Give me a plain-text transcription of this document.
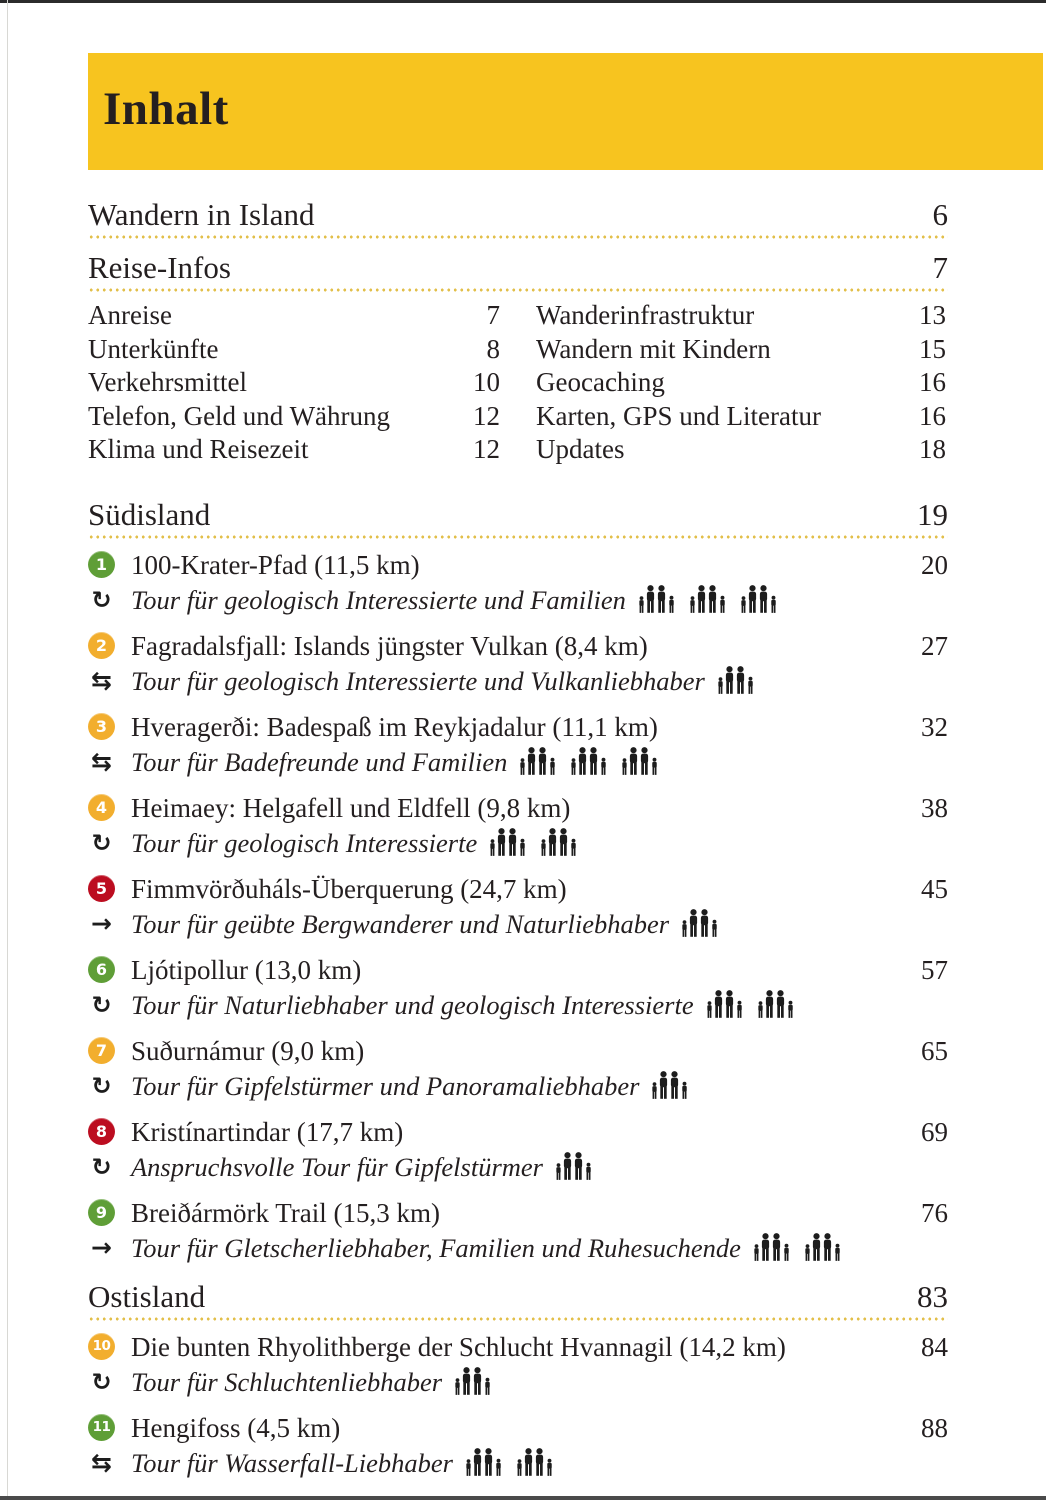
Inhalt
Wandern in Island	6
Reise-Infos	7
Anreise	7
Unterkünfte	8
Verkehrsmittel	10
Telefon, Geld und Währung	12
Klima und Reisezeit	12
Wanderinfrastruktur	13
Wandern mit Kindern	15
Geocaching	16
Karten, GPS und Literatur	16
Updates	18
Südisland	19
1 100-Krater-Pfad (11,5 km)	20
↻ Tour für geologisch Interessierte und Familien
2 Fagradalsfjall: Islands jüngster Vulkan (8,4 km)	27
⇆ Tour für geologisch Interessierte und Vulkanliebhaber
3 Hveragerði: Badespaß im Reykjadalur (11,1 km)	32
⇆ Tour für Badefreunde und Familien
4 Heimaey: Helgafell und Eldfell (9,8 km)	38
↻ Tour für geologisch Interessierte
5 Fimmvörðuháls-Überquerung (24,7 km)	45
→ Tour für geübte Bergwanderer und Naturliebhaber
6 Ljótipollur (13,0 km)	57
↻ Tour für Naturliebhaber und geologisch Interessierte
7 Suðurnámur (9,0 km)	65
↻ Tour für Gipfelstürmer und Panoramaliebhaber
8 Kristínartindar (17,7 km)	69
↻ Anspruchsvolle Tour für Gipfelstürmer
9 Breiðármörk Trail (15,3 km)	76
→ Tour für Gletscherliebhaber, Familien und Ruhesuchende
Ostisland	83
10 Die bunten Rhyolithberge der Schlucht Hvannagil (14,2 km)	84
↻ Tour für Schluchtenliebhaber
11 Hengifoss (4,5 km)	88
⇆ Tour für Wasserfall-Liebhaber
